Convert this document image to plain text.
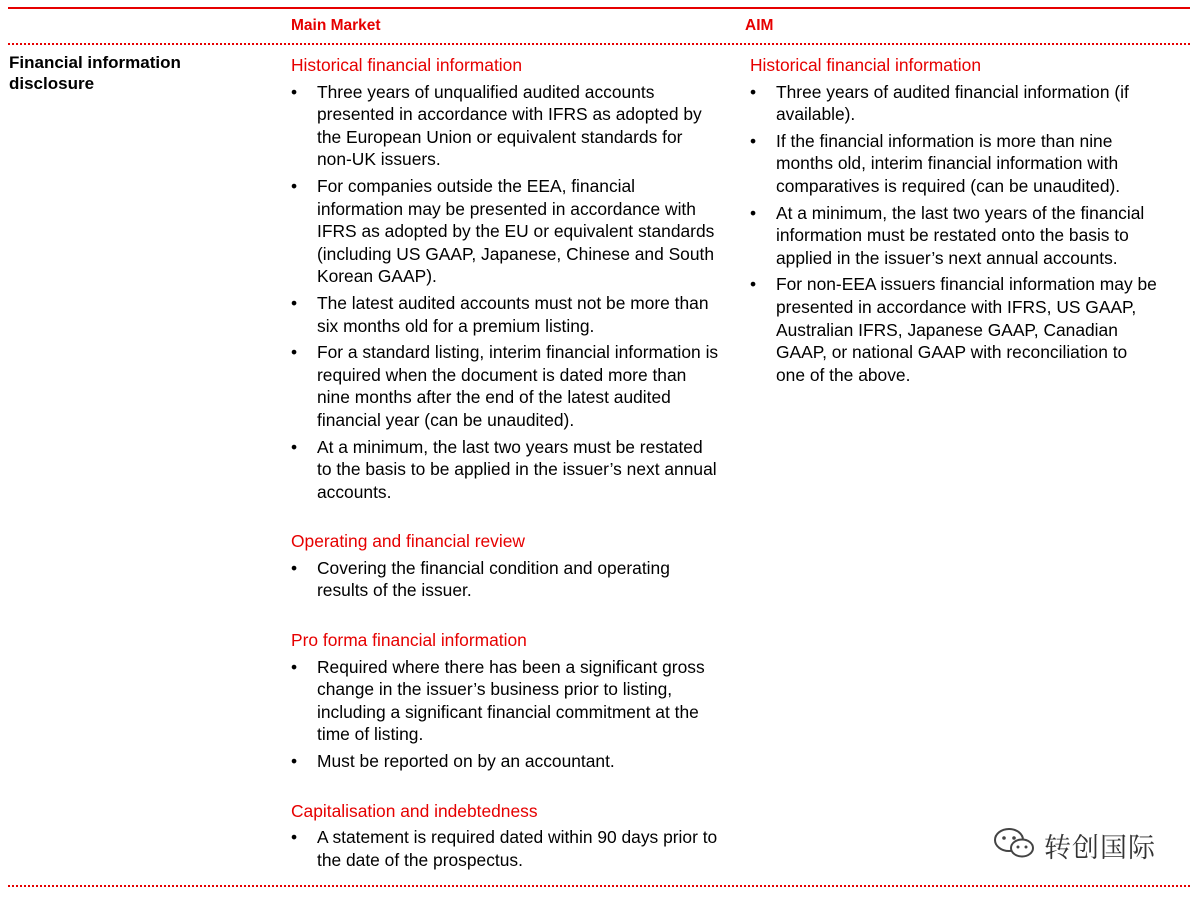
Main Market	AIM
Financial information disclosure
Historical financial information
• Three years of unqualified audited accounts presented in accordance with IFRS as adopted by the European Union or equivalent standards for non-UK issuers.
• For companies outside the EEA, financial information may be presented in accordance with IFRS as adopted by the EU or equivalent standards (including US GAAP, Japanese, Chinese and South Korean GAAP).
• The latest audited accounts must not be more than six months old for a premium listing.
• For a standard listing, interim financial information is required when the document is dated more than nine months after the end of the latest audited financial year (can be unaudited).
• At a minimum, the last two years must be restated to the basis to be applied in the issuer’s next annual accounts.
Operating and financial review
• Covering the financial condition and operating results of the issuer.
Pro forma financial information
• Required where there has been a significant gross change in the issuer’s business prior to listing, including a significant financial commitment at the time of listing.
• Must be reported on by an accountant.
Capitalisation and indebtedness
• A statement is required dated within 90 days prior to the date of the prospectus.
Historical financial information
• Three years of audited financial information (if available).
• If the financial information is more than nine months old, interim financial information with comparatives is required (can be unaudited).
• At a minimum, the last two years of the financial information must be restated onto the basis to applied in the issuer’s next annual accounts.
• For non-EEA issuers financial information may be presented in accordance with IFRS, US GAAP, Australian IFRS, Japanese GAAP, Canadian GAAP, or national GAAP with reconciliation to one of the above.
转创国际
